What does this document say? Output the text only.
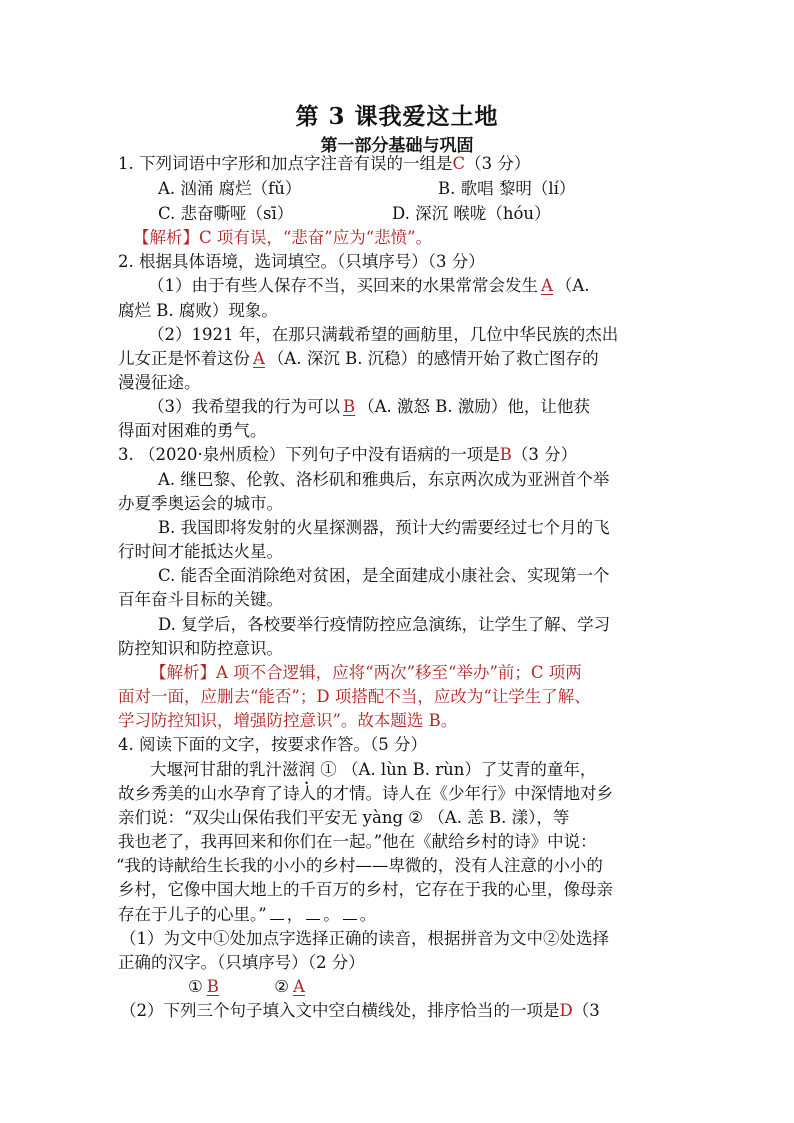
第 3 课我爱这土地
第一部分基础与巩固
1. 下列词语中字形和加点字注音有误的一组是C（3 分）
A. 汹涌 腐烂（fǔ）	B. 歌唱 黎明（lí）
C. 悲奋嘶哑（sī）	D. 深沉 喉咙（hóu）
【解析】C 项有误，“悲奋”应为“悲愤”。
2. 根据具体语境，选词填空。（只填序号）（3 分）
（1）由于有些人保存不当，买回来的水果常常会发生 A （A.
腐烂 B. 腐败）现象。
（2）1921 年，在那只满载希望的画舫里，几位中华民族的杰出
儿女正是怀着这份 A （A. 深沉 B. 沉稳）的感情开始了救亡图存的
漫漫征途。
（3）我希望我的行为可以 B （A. 激怒 B. 激励）他，让他获
得面对困难的勇气。
3. （2020·泉州质检）下列句子中没有语病的一项是B（3 分）
A. 继巴黎、伦敦、洛杉矶和雅典后，东京两次成为亚洲首个举
办夏季奥运会的城市。
B. 我国即将发射的火星探测器，预计大约需要经过七个月的飞
行时间才能抵达火星。
C. 能否全面消除绝对贫困，是全面建成小康社会、实现第一个
百年奋斗目标的关键。
D. 复学后，各校要举行疫情防控应急演练，让学生了解、学习
防控知识和防控意识。
【解析】A 项不合逻辑，应将“两次”移至“举办”前；C 项两
面对一面，应删去“能否”；D 项搭配不当，应改为“让学生了解、
学习防控知识，增强防控意识”。故本题选 B。
4. 阅读下面的文字，按要求作答。（5 分）
大堰河甘甜的乳汁滋润 ① （A. lùn B. rùn）了艾青的童年，
故乡秀美的山水孕育了诗人的才情。诗人在《少年行》中深情地对乡
亲们说：“双尖山保佑我们平安无 yàng ② （A. 恙 B. 漾），等
我也老了，我再回来和你们在一起。”他在《献给乡村的诗》中说：
“我的诗献给生长我的小小的乡村——卑微的，没有人注意的小小的
乡村，它像中国大地上的千百万的乡村，它存在于我的心里，像母亲
存在于儿子的心里。” ， 。 。
（1）为文中①处加点字选择正确的读音，根据拼音为文中②处选择
正确的汉字。（只填序号）（2 分）
① B	② A
（2）下列三个句子填入文中空白横线处，排序恰当的一项是D（3
